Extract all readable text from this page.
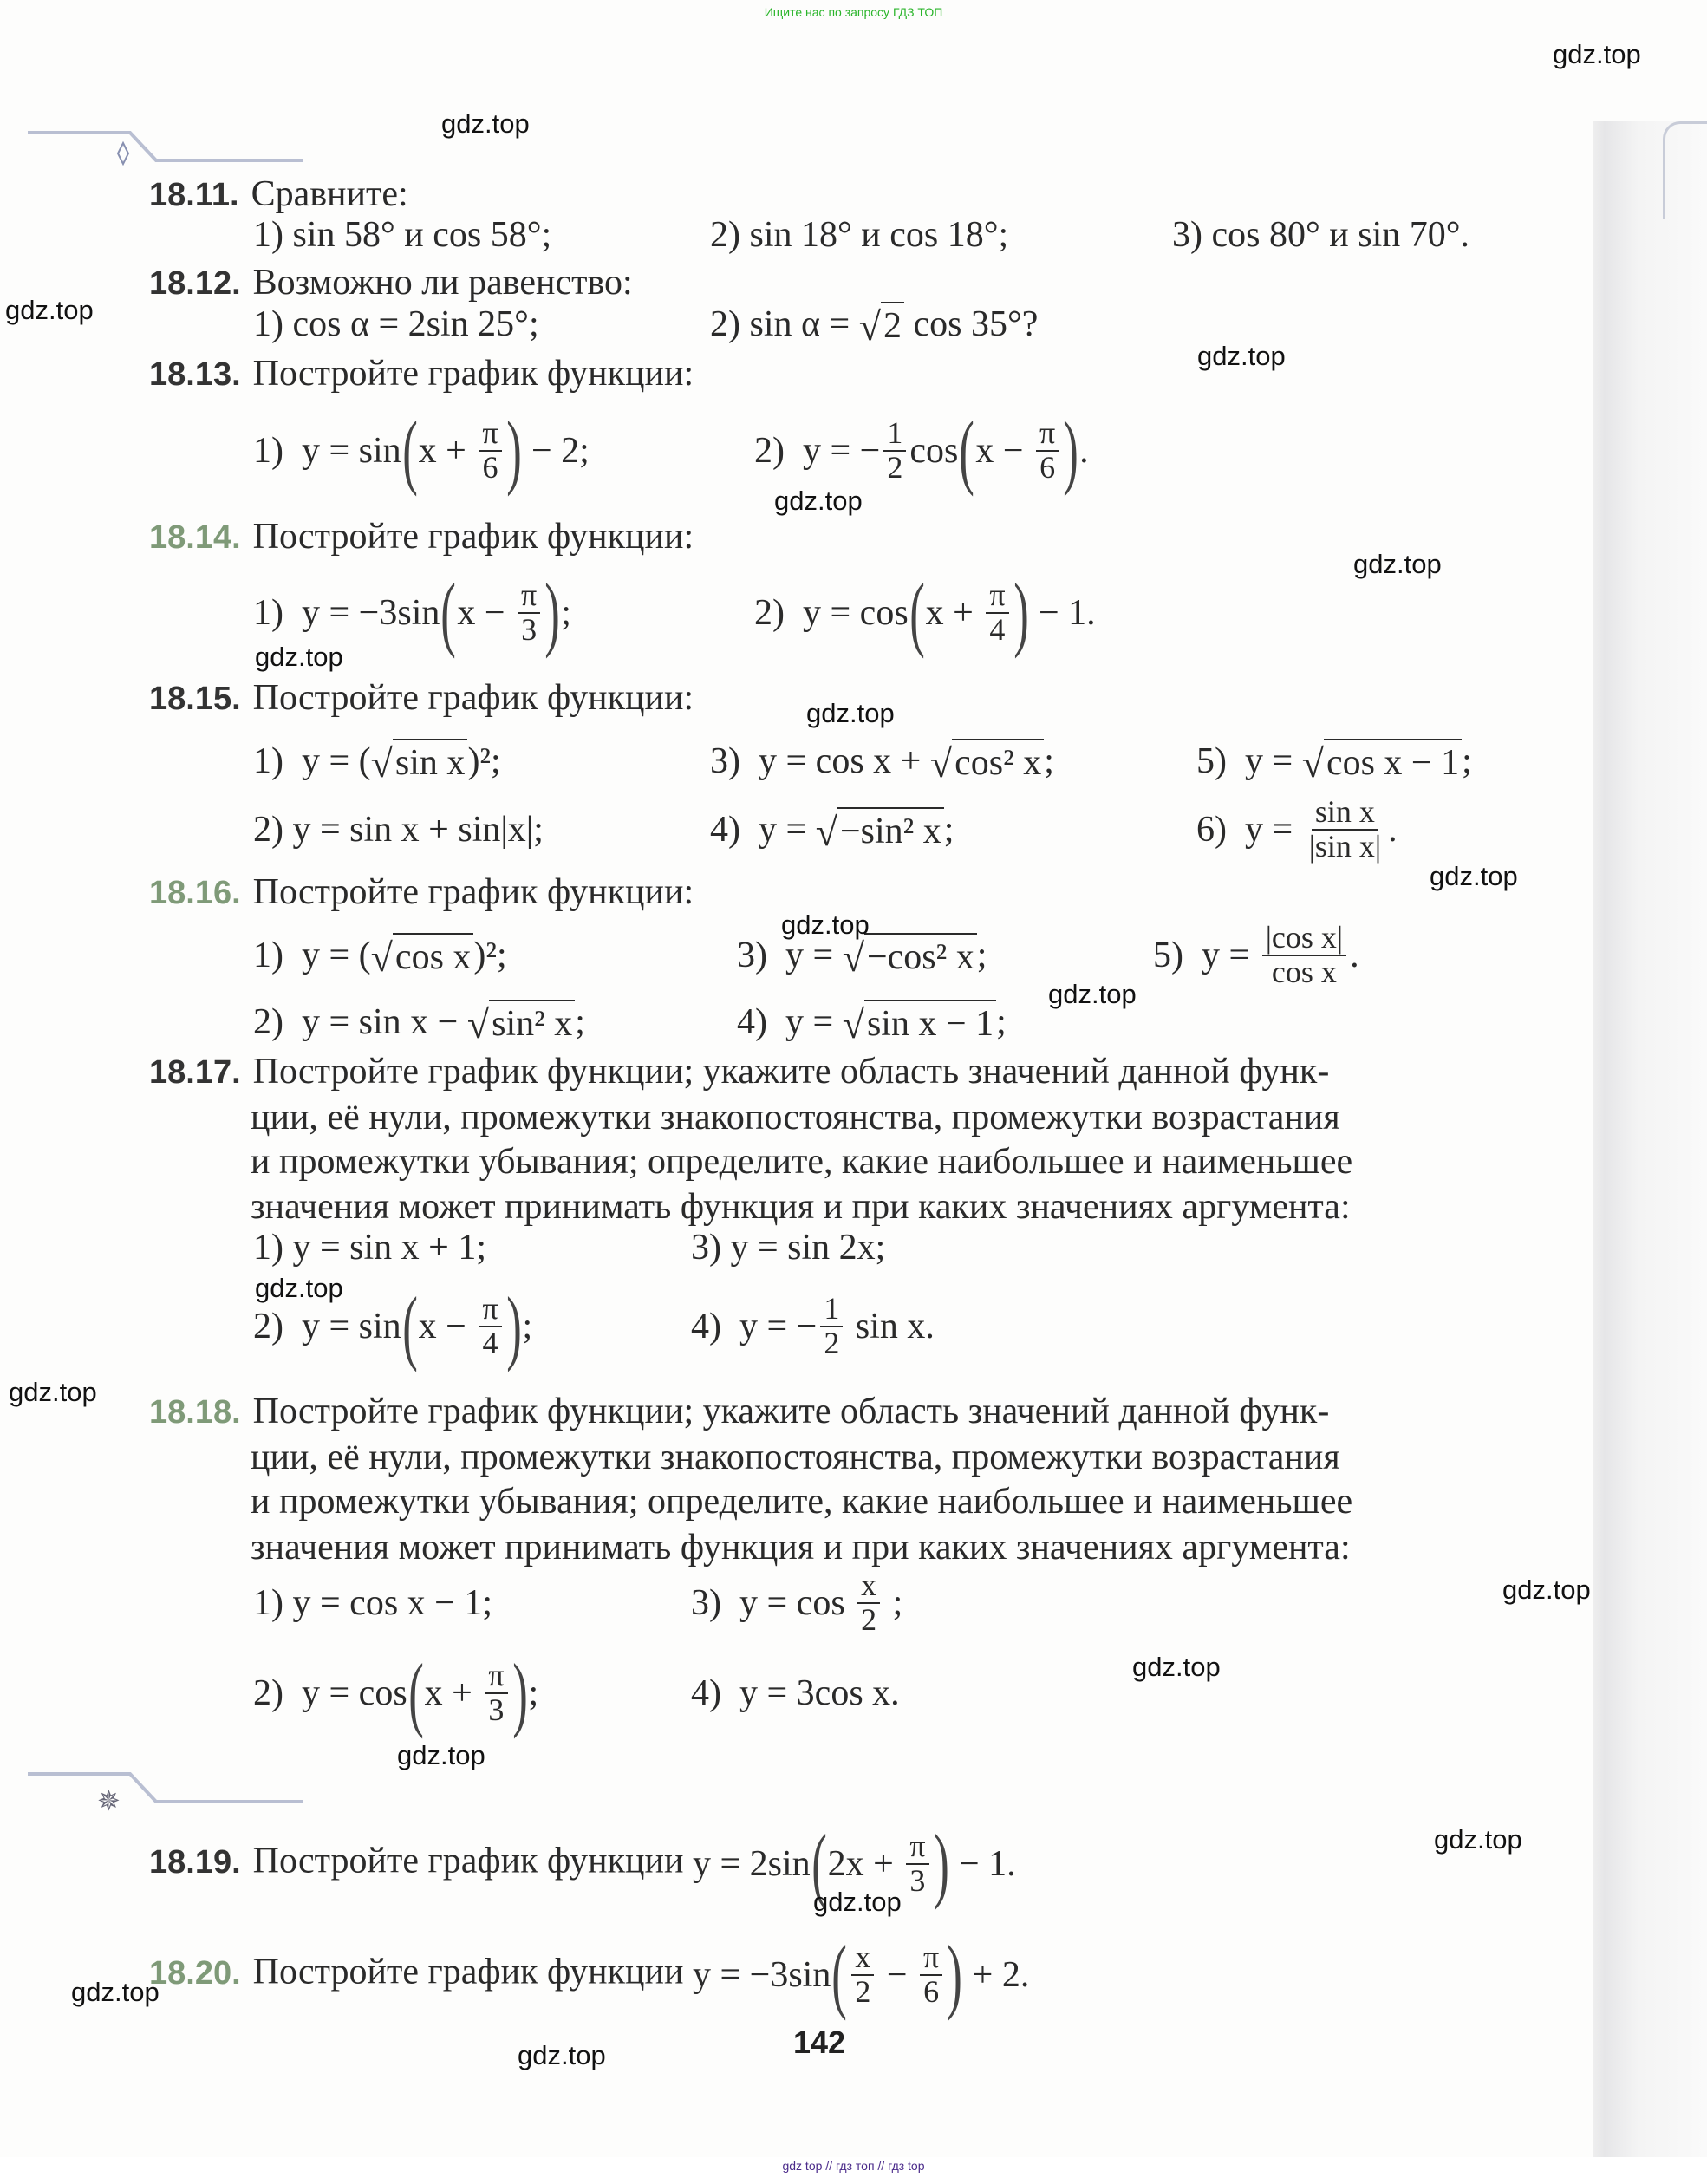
Ищите нас по запросу ГДЗ ТОП
✵
18.11. Сравните:
1) sin 58° и cos 58°;	2) sin 18° и cos 18°;	3) cos 80° и sin 70°.
18.12. Возможно ли равенство:
1) cos α = 2sin 25°;	2) sin α = √ 2 cos 35°?
18.13. Постройте график функции:
1)  y = sin ( $x + \frac{\pi}{6}$ ) − 2;	2)  y = − $\frac{1}{2}$ cos ( $x - \frac{\pi}{6}$ ) .
18.14. Постройте график функции:
1)  y = −3sin ( $x - \frac{\pi}{3}$ ) ;	2)  y = cos ( $x + \frac{\pi}{4}$ ) − 1.
18.15. Постройте график функции:
1)  y = ( √ sin x )²;	3)  y = cos x + √ cos² x ;	5)  y = √ cos x − 1 ;
2) y = sin x + sin|x|;	4)  y = √ −sin² x ;	6)  $y = \frac{\text{sin x}}{\text{|sin x|}}$ .
18.16. Постройте график функции:
1)  y = ( √ cos x )²;	3)  y = √ −cos² x ;	5)  $y = \frac{\text{|cos x|}}{\text{cos x}}$ .
2)  y = sin x − √ sin² x ;	4)  y = √ sin x − 1 ;
18.17. Постройте график функции; укажите область значений данной функ-
ции, её нули, промежутки знакопостоянства, промежутки возрастания
и промежутки убывания; определите, какие наибольшее и наименьшее
значения может принимать функция и при каких значениях аргумента:
1) y = sin x + 1;	3) y = sin 2x;
2)  y = sin ( $x - \frac{\pi}{4}$ ) ;	4)  y = − $\frac{1}{2}$ sin x.
18.18. Постройте график функции; укажите область значений данной функ-
ции, её нули, промежутки знакопостоянства, промежутки возрастания
и промежутки убывания; определите, какие наибольшее и наименьшее
значения может принимать функция и при каких значениях аргумента:
1) y = cos x − 1;	3)  $y = \cos \frac{x}{2}$ ;
2)  y = cos ( $x + \frac{\pi}{3}$ ) ;	4)  y = 3cos x.
18.19. Постройте график функции y = 2sin ( $2x + \frac{\pi}{3}$ ) − 1.
18.20. Постройте график функции y = −3sin ( $\frac{x}{2} - \frac{\pi}{6}$ ) + 2.
142
gdz top // гдз топ // гдз top
gdz.top
gdz.top
gdz.top
gdz.top
gdz.top
gdz.top
gdz.top
gdz.top
gdz.top
gdz.top
gdz.top
gdz.top
gdz.top
gdz.top
gdz.top
gdz.top
gdz.top
gdz.top
gdz.top
gdz.top
